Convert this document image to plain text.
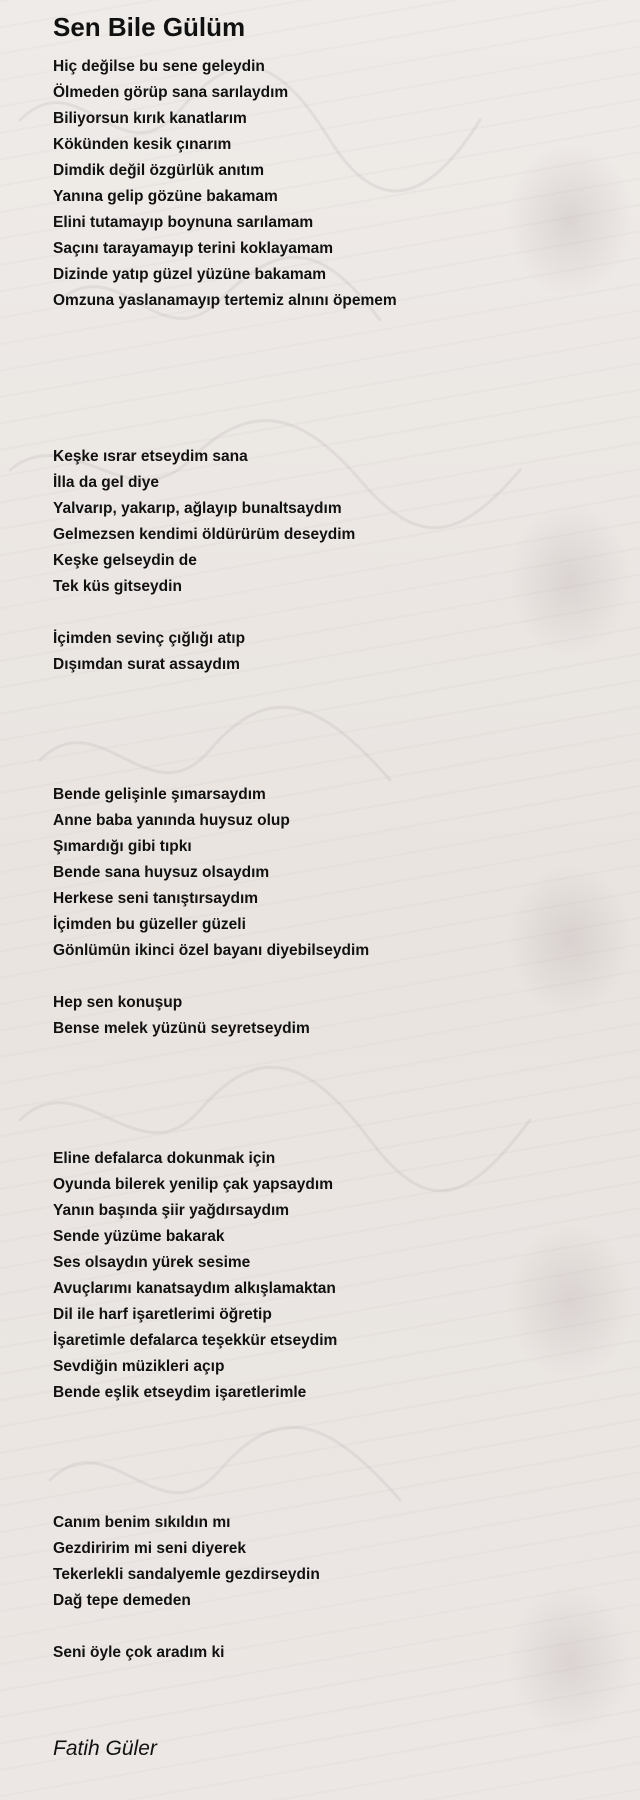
Sen Bile Gülüm
Hiç değilse bu sene geleydin
Ölmeden görüp sana sarılaydım
Biliyorsun kırık kanatlarım
Kökünden kesik çınarım
Dimdik değil özgürlük anıtım
Yanına gelip gözüne bakamam
Elini tutamayıp boynuna sarılamam
Saçını tarayamayıp terini koklayamam
Dizinde yatıp güzel yüzüne bakamam
Omzuna yaslanamayıp tertemiz alnını öpemem
Keşke ısrar etseydim sana
İlla da gel diye
Yalvarıp, yakarıp, ağlayıp bunaltsaydım
Gelmezsen kendimi öldürürüm deseydim
Keşke gelseydin de
Tek küs gitseydin
İçimden sevinç çığlığı atıp
Dışımdan surat assaydım
Bende gelişinle şımarsaydım
Anne baba yanında huysuz olup
Şımardığı gibi tıpkı
Bende sana huysuz olsaydım
Herkese seni tanıştırsaydım
İçimden bu güzeller güzeli
Gönlümün ikinci özel bayanı diyebilseydim
Hep sen konuşup
Bense melek yüzünü seyretseydim
Eline defalarca dokunmak için
Oyunda bilerek yenilip çak yapsaydım
Yanın başında şiir yağdırsaydım
Sende yüzüme bakarak
Ses olsaydın yürek sesime
Avuçlarımı kanatsaydım alkışlamaktan
Dil ile harf işaretlerimi öğretip
İşaretimle defalarca teşekkür etseydim
Sevdiğin müzikleri açıp
Bende eşlik etseydim işaretlerimle
Canım benim sıkıldın mı
Gezdiririm mi seni diyerek
Tekerlekli sandalyemle gezdirseydin
Dağ tepe demeden
Seni öyle çok aradım ki
Fatih Güler
